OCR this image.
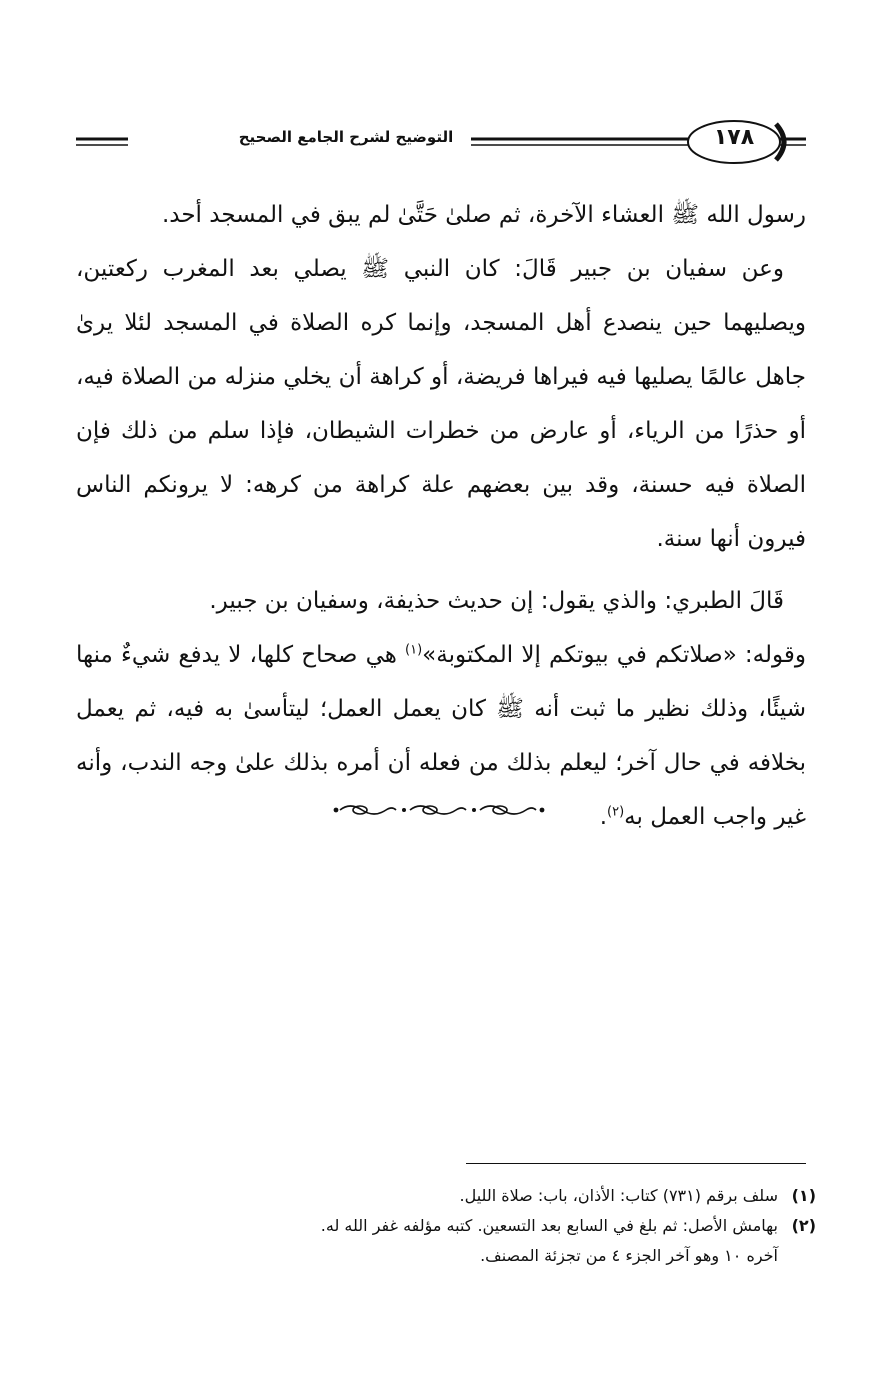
التوضيح لشرح الجامع الصحيح	١٧٨

رسول الله ﷺ العشاء الآخرة، ثم صلىٰ حَتَّىٰ لم يبق في المسجد أحد.

وعن سفيان بن جبير قَالَ: كان النبي ﷺ يصلي بعد المغرب ركعتين، ويصليهما حين ينصدع أهل المسجد، وإنما كره الصلاة في المسجد لئلا يرىٰ جاهل عالمًا يصليها فيه فيراها فريضة، أو كراهة أن يخلي منزله من الصلاة فيه، أو حذرًا من الرياء، أو عارض من خطرات الشيطان، فإذا سلم من ذلك فإن الصلاة فيه حسنة، وقد بين بعضهم علة كراهة من كرهه: لا يرونكم الناس فيرون أنها سنة.

قَالَ الطبري: والذي يقول: إن حديث حذيفة، وسفيان بن جبير.

وقوله: «صلاتكم في بيوتكم إلا المكتوبة»$^{(١)}$ هي صحاح كلها، لا يدفع شيءٌ منها شيئًا، وذلك نظير ما ثبت أنه ﷺ كان يعمل العمل؛ ليتأسىٰ به فيه، ثم يعمل بخلافه في حال آخر؛ ليعلم بذلك من فعله أن أمره بذلك علىٰ وجه الندب، وأنه غير واجب العمل به$^{(٢)}$.

(١)
سلف برقم (٧٣١) كتاب: الأذان، باب: صلاة الليل.
(٢)
بهامش الأصل: ثم بلغ في السابع بعد التسعين. كتبه مؤلفه غفر الله له.
آخره ١٠ وهو آخر الجزء ٤ من تجزئة المصنف.
